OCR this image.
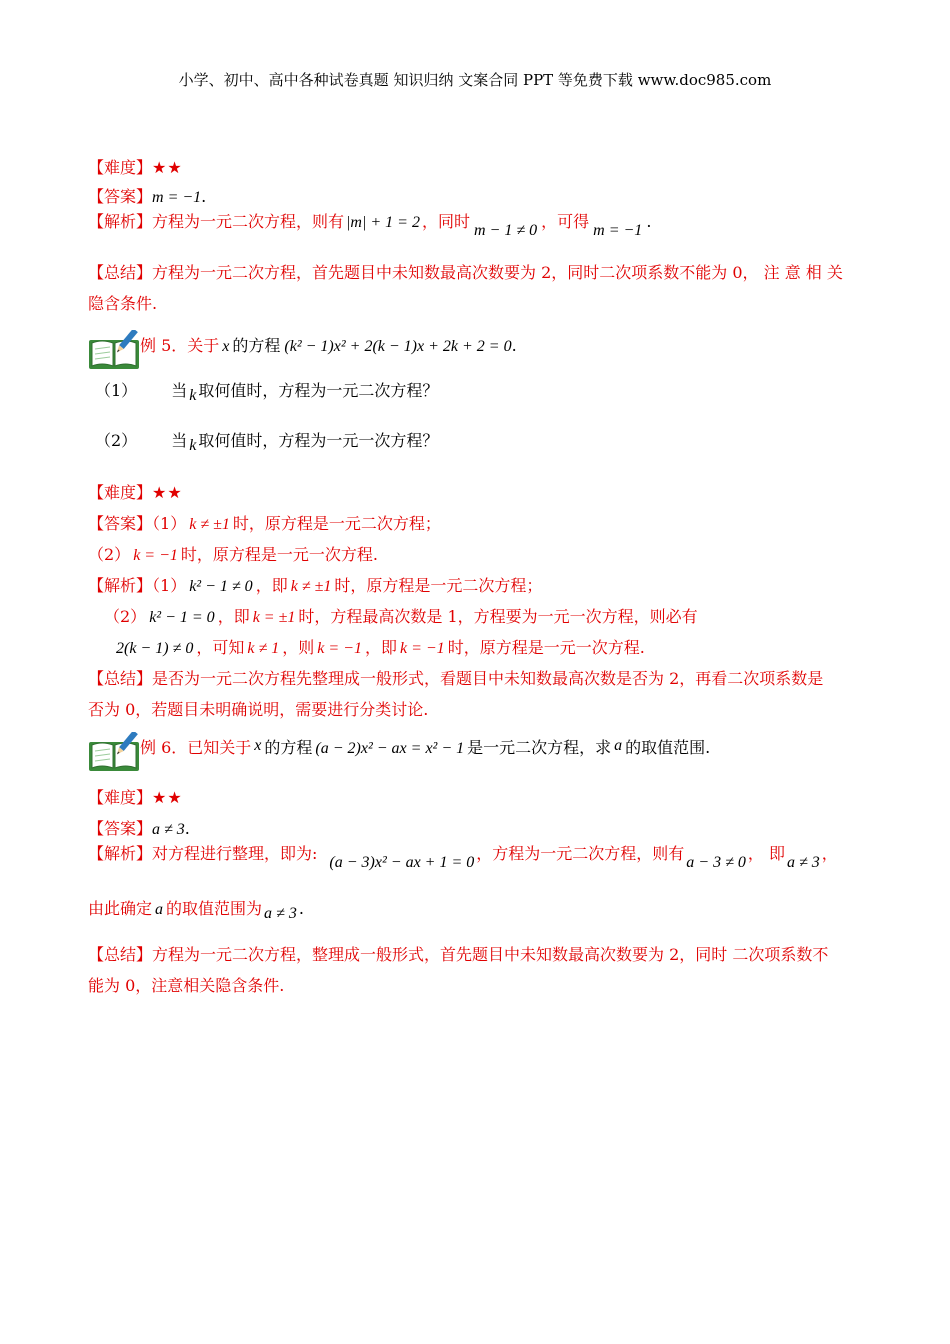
小学、初中、高中各种试卷真题 知识归纳 文案合同 PPT 等免费下载 www.doc985.com
【难度】★★
【答案】m = −1.
【解析】方程为一元二次方程，则有 |m| + 1 = 2 ，同时 m − 1 ≠ 0 ，可得 m = −1 .
【总结】方程为一元二次方程，首先题目中未知数最高次数要为 2，同时二次项系数不能为 0， 注 意 相 关
隐含条件.
例 5．关于 x 的方程 (k² − 1)x² + 2(k − 1)x + 2k + 2 = 0.
（1） 当 k 取何值时，方程为一元二次方程？
（2） 当 k 取何值时，方程为一元一次方程？
【难度】★★
【答案】（1） k ≠ ±1 时，原方程是一元二次方程；
（2） k = −1 时，原方程是一元一次方程.
【解析】（1） k² − 1 ≠ 0 ，即 k ≠ ±1 时，原方程是一元二次方程；
（2） k² − 1 = 0 ，即 k = ±1 时，方程最高次数是 1，方程要为一元一次方程，则必有
2(k − 1) ≠ 0 ，可知 k ≠ 1 ，则 k = −1 ，即 k = −1 时，原方程是一元一次方程.
【总结】是否为一元二次方程先整理成一般形式，看题目中未知数最高次数是否为 2，再看二次项系数是
否为 0，若题目未明确说明，需要进行分类讨论.
例 6．已知关于 x 的方程 (a − 2)x² − ax = x² − 1 是一元二次方程，求 a 的取值范围.
【难度】★★
【答案】a ≠ 3.
【解析】对方程进行整理，即为: (a − 3)x² − ax + 1 = 0 ，方程为一元二次方程，则有 a − 3 ≠ 0 ， 即 a ≠ 3 ，
由此确定 a 的取值范围为 a ≠ 3 .
【总结】方程为一元二次方程，整理成一般形式，首先题目中未知数最高次数要为 2，同时 二次项系数不
能为 0，注意相关隐含条件.
